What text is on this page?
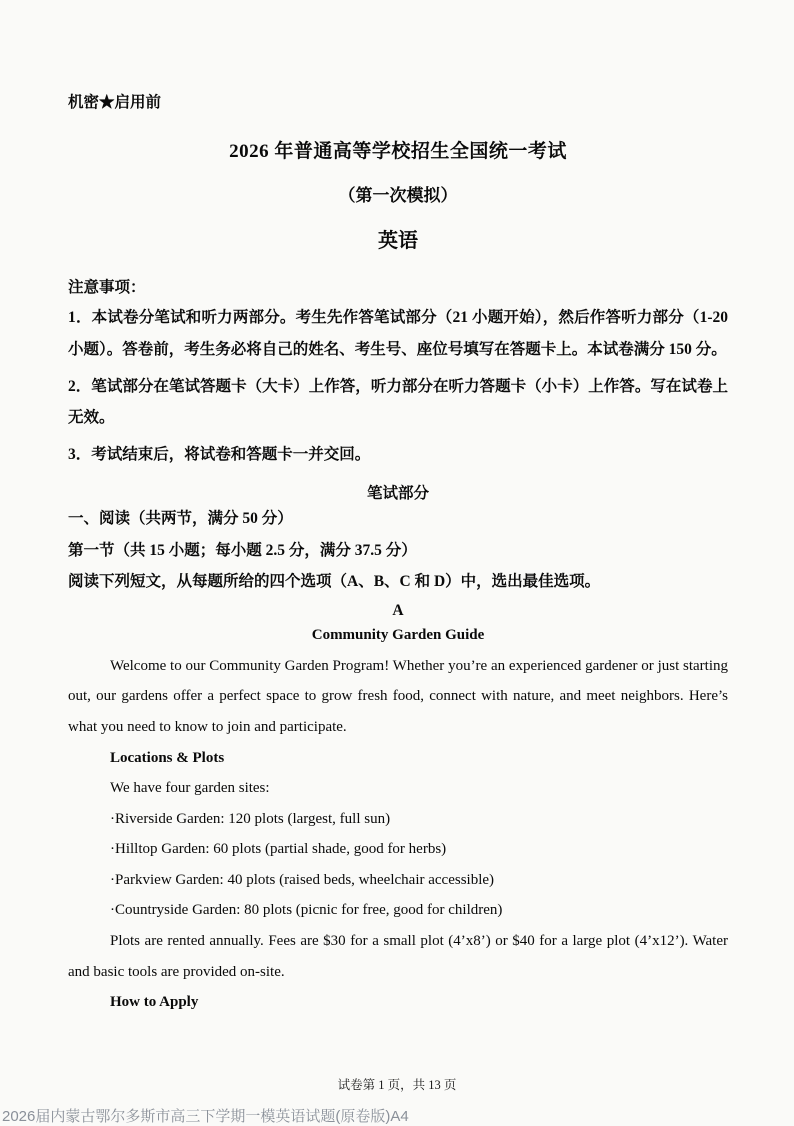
机密★启用前
2026 年普通高等学校招生全国统一考试
（第一次模拟）
英语
注意事项：
1．本试卷分笔试和听力两部分。考生先作答笔试部分（21 小题开始），然后作答听力部分（1-20 小题）。答卷前，考生务必将自己的姓名、考生号、座位号填写在答题卡上。本试卷满分 150 分。
2．笔试部分在笔试答题卡（大卡）上作答，听力部分在听力答题卡（小卡）上作答。写在试卷上无效。
3．考试结束后，将试卷和答题卡一并交回。
笔试部分
一、阅读（共两节，满分 50 分）
第一节（共 15 小题；每小题 2.5 分，满分 37.5 分）
阅读下列短文，从每题所给的四个选项（A、B、C 和 D）中，选出最佳选项。
A
Community Garden Guide
Welcome to our Community Garden Program! Whether you’re an experienced gardener or just starting out, our gardens offer a perfect space to grow fresh food, connect with nature, and meet neighbors. Here’s what you need to know to join and participate.
Locations & Plots
We have four garden sites:
·Riverside Garden: 120 plots (largest, full sun)
·Hilltop Garden: 60 plots (partial shade, good for herbs)
·Parkview Garden: 40 plots (raised beds, wheelchair accessible)
·Countryside Garden: 80 plots (picnic for free, good for children)
Plots are rented annually. Fees are $30 for a small plot (4’x8’) or $40 for a large plot (4’x12’). Water and basic tools are provided on-site.
How to Apply
试卷第 1 页，共 13 页
2026届内蒙古鄂尔多斯市高三下学期一模英语试题(原卷版)A4
